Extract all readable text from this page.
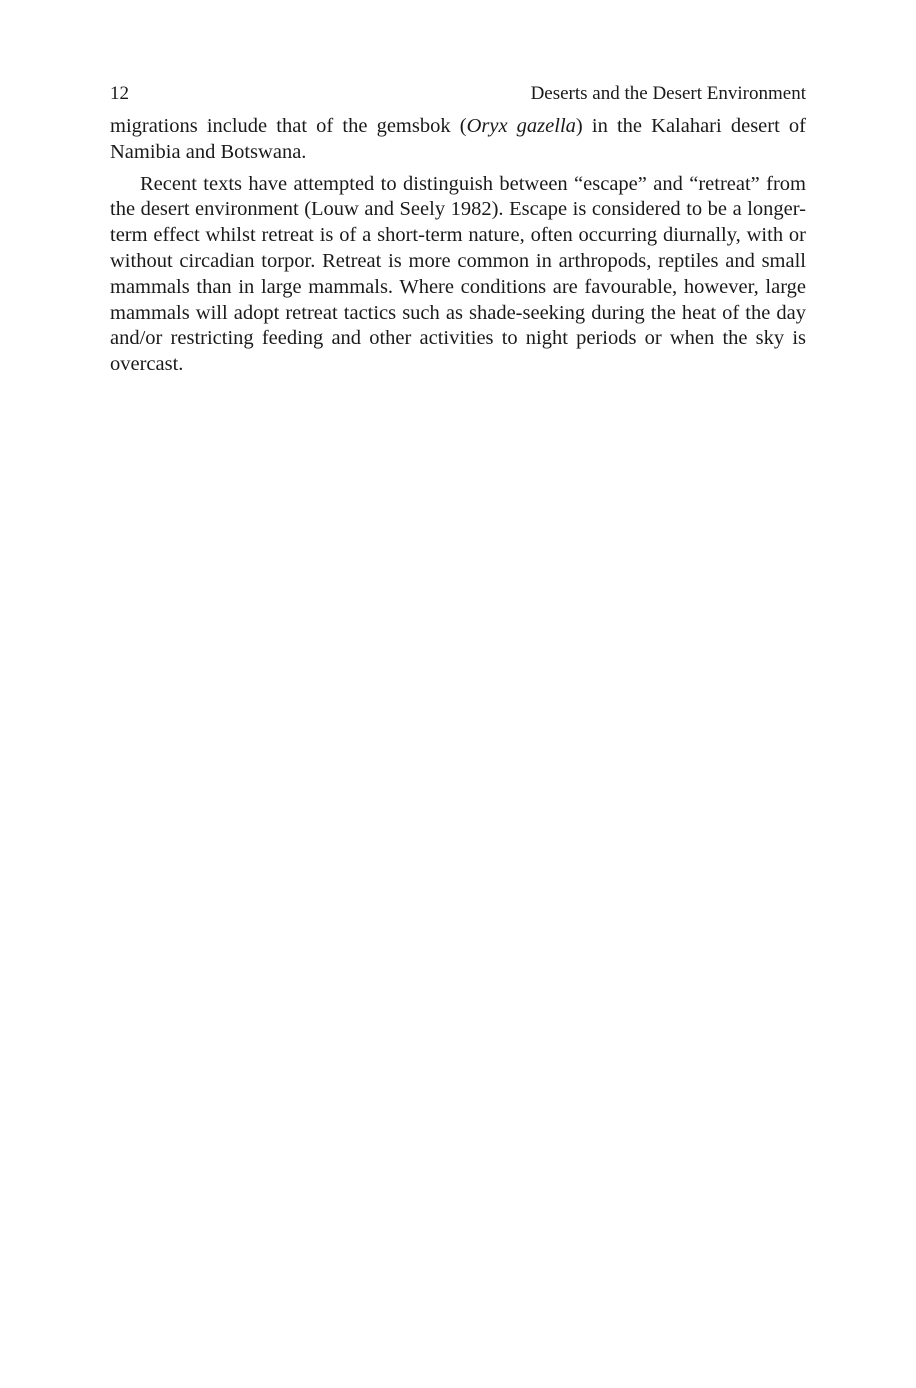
12	Deserts and the Desert Environment

migrations include that of the gemsbok (Oryx gazella) in the Kalahari desert of Namibia and Botswana.

Recent texts have attempted to distinguish between “escape” and “retreat” from the desert environment (Louw and Seely 1982). Escape is considered to be a longer-term effect whilst retreat is of a short-term nature, often occurring diurnally, with or without circadian torpor. Retreat is more common in arthropods, reptiles and small mammals than in large mammals. Where conditions are favourable, however, large mammals will adopt retreat tactics such as shade-seeking during the heat of the day and/or restricting feeding and other activities to night periods or when the sky is overcast.
